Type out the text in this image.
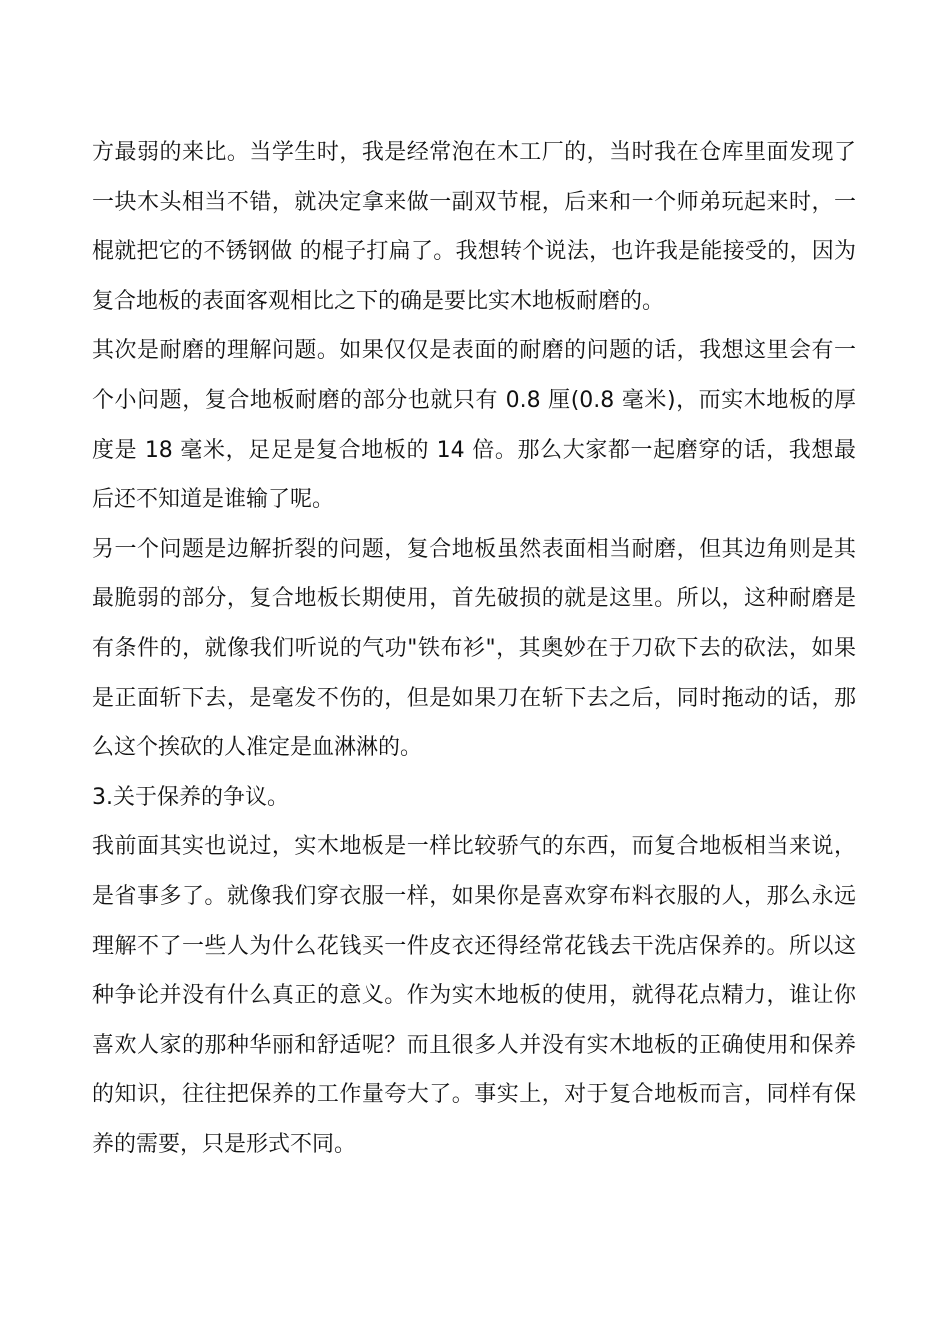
方最弱的来比。当学生时，我是经常泡在木工厂的，当时我在仓库里面发现了一块木头相当不错，就决定拿来做一副双节棍，后来和一个师弟玩起来时，一棍就把它的不锈钢做 的棍子打扁了。我想转个说法，也许我是能接受的，因为复合地板的表面客观相比之下的确是要比实木地板耐磨的。

其次是耐磨的理解问题。如果仅仅是表面的耐磨的问题的话，我想这里会有一个小问题，复合地板耐磨的部分也就只有 0.8 厘(0.8 毫米)，而实木地板的厚度是 18 毫米，足足是复合地板的 14 倍。那么大家都一起磨穿的话，我想最后还不知道是谁输了呢。

另一个问题是边解折裂的问题，复合地板虽然表面相当耐磨，但其边角则是其最脆弱的部分，复合地板长期使用，首先破损的就是这里。所以，这种耐磨是有条件的，就像我们听说的气功"铁布衫"，其奥妙在于刀砍下去的砍法，如果是正面斩下去，是毫发不伤的，但是如果刀在斩下去之后，同时拖动的话，那么这个挨砍的人准定是血淋淋的。

3.关于保养的争议。

我前面其实也说过，实木地板是一样比较骄气的东西，而复合地板相当来说，是省事多了。就像我们穿衣服一样，如果你是喜欢穿布料衣服的人，那么永远理解不了一些人为什么花钱买一件皮衣还得经常花钱去干洗店保养的。所以这种争论并没有什么真正的意义。作为实木地板的使用，就得花点精力，谁让你喜欢人家的那种华丽和舒适呢？而且很多人并没有实木地板的正确使用和保养的知识，往往把保养的工作量夸大了。事实上，对于复合地板而言，同样有保养的需要，只是形式不同。
